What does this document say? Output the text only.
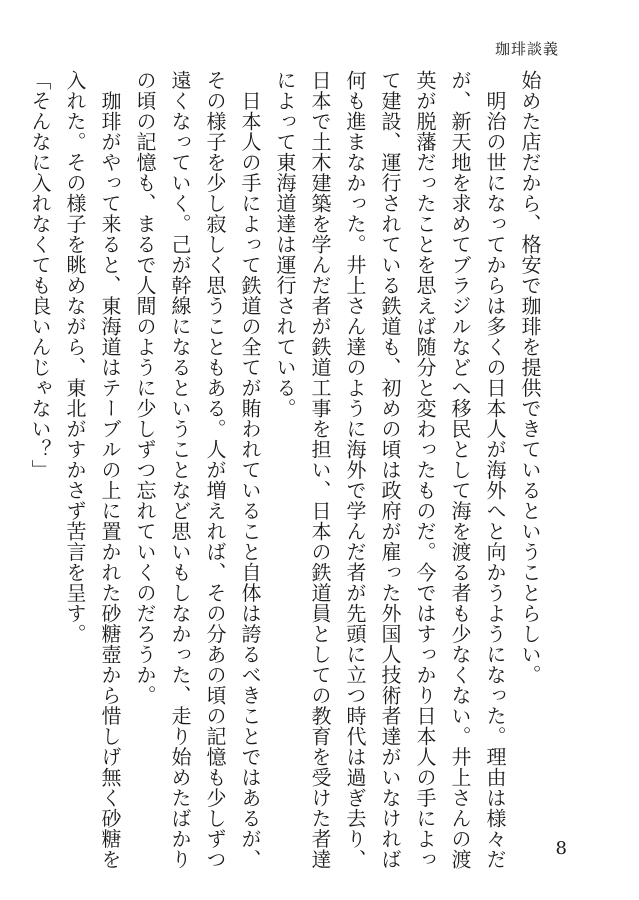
珈琲談義
始めた店だから、格安で珈琲を提供できているということらしい。
　明治の世になってからは多くの日本人が海外へと向かうようになった。理由は様々だ
が、新天地を求めてブラジルなどへ移民として海を渡る者も少なくない。井上さんの渡
英が脱藩だったことを思えば随分と変わったものだ。今ではすっかり日本人の手によっ
て建設、運行されている鉄道も、初めの頃は政府が雇った外国人技術者達がいなければ
何も進まなかった。井上さん達のように海外で学んだ者が先頭に立つ時代は過ぎ去り、
日本で土木建築を学んだ者が鉄道工事を担い、日本の鉄道員としての教育を受けた者達
によって東海道達は運行されている。
　日本人の手によって鉄道の全てが賄われていること自体は誇るべきことではあるが、
その様子を少し寂しく思うこともある。人が増えれば、その分あの頃の記憶も少しずつ
遠くなっていく。己が幹線になるということなど思いもしなかった、走り始めたばかり
の頃の記憶も、まるで人間のように少しずつ忘れていくのだろうか。
　珈琲がやって来ると、東海道はテーブルの上に置かれた砂糖壺から惜しげ無く砂糖を
入れた。その様子を眺めながら、東北がすかさず苦言を呈す。
「そんなに入れなくても良いんじゃない？」
8
